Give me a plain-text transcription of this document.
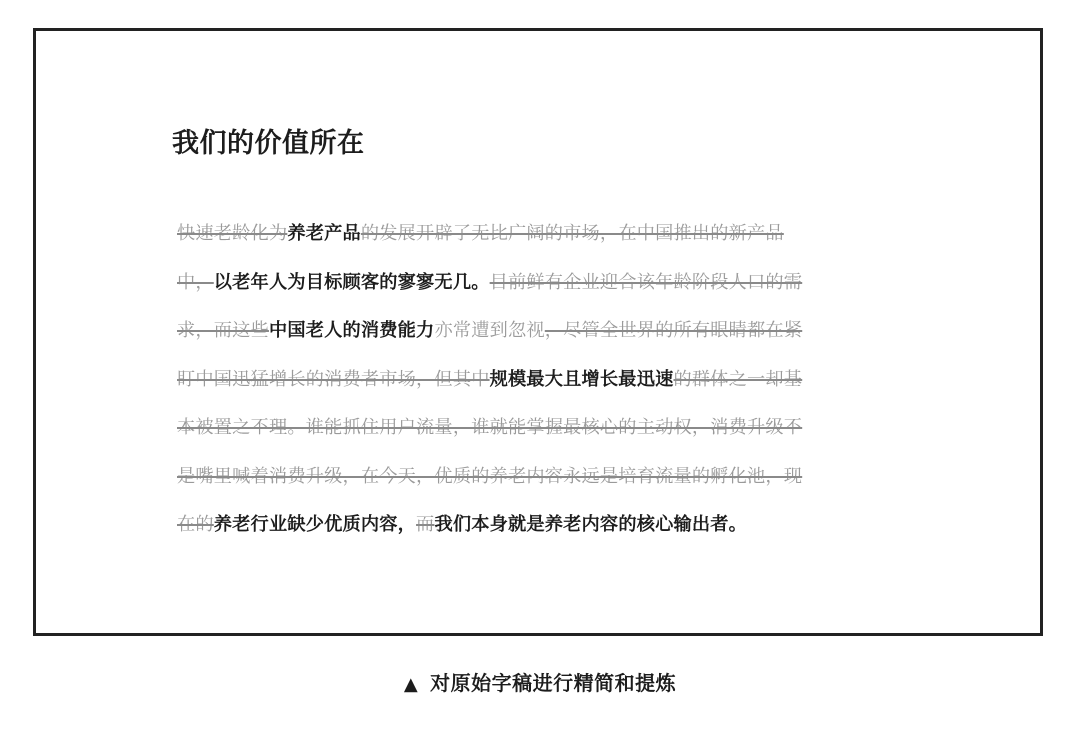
我们的价值所在
快速老龄化为养老产品的发展开辟了无比广阔的市场，在中国推出的新产品
中，以老年人为目标顾客的寥寥无几。目前鲜有企业迎合该年龄阶段人口的需
求，而这些中国老人的消费能力亦常遭到忽视，尽管全世界的所有眼睛都在紧
盯中国迅猛增长的消费者市场，但其中规模最大且增长最迅速的群体之一却基
本被置之不理。谁能抓住用户流量，谁就能掌握最核心的主动权，消费升级不
是嘴里喊着消费升级，在今天，优质的养老内容永远是培育流量的孵化池，现
在的养老行业缺少优质内容，而我们本身就是养老内容的核心输出者。
▲ 对原始字稿进行精简和提炼
